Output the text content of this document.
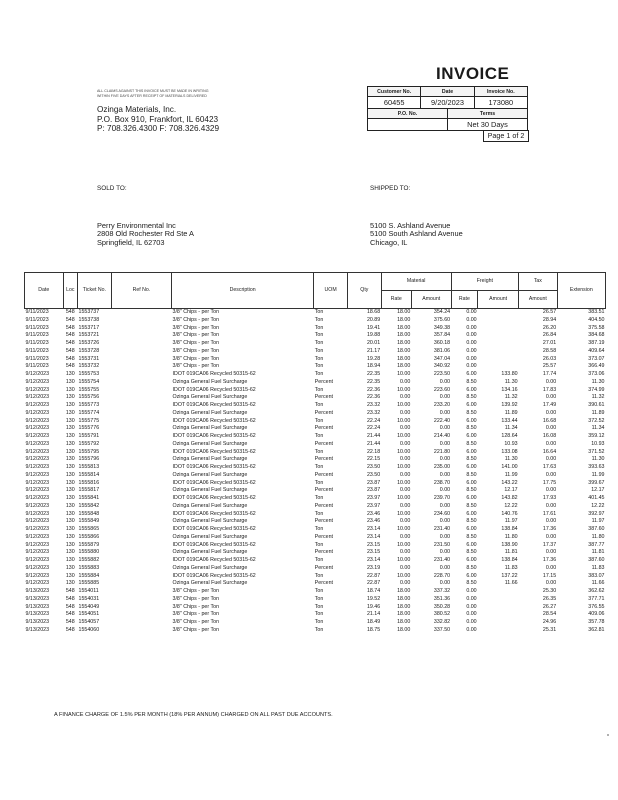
INVOICE
ALL CLAIMS AGAINST THIS INVOICE MUST BE MADE IN WRITING
WITHIN FIVE DAYS AFTER RECEIPT OF MATERIALS DELIVERED
Ozinga Materials, Inc.
P.O. Box 910, Frankfort, IL 60423
P: 708.326.4300 F: 708.326.4329
Customer No.	Date	Invoice No.
60455	9/20/2023	173080
P.O. No.	Terms
Net 30 Days
Page 1 of 2
SOLD TO:	SHIPPED TO:
Perry Environmental Inc
2808 Old Rochester Rd Ste A
Springfield, IL 62703
5100 S. Ashland Avenue
5100 South Ashland Avenue
Chicago, IL
Date	Loc	Ticket No.	Ref No.	Description	UOM	Qty	Material		Freight		Tax	Extension
							Rate	Amount	Rate	Amount	Amount	
9/11/2023	548	1553737		3/8" Chips - per Ton	Ton	18.68	18.00	354.24	0.00		26.57	383.51
9/11/2023	548	1553738		3/8" Chips - per Ton	Ton	20.89	18.00	375.60	0.00		28.94	404.50
9/11/2023	548	1553717		3/8" Chips - per Ton	Ton	19.41	18.00	349.38	0.00		26.20	375.58
9/11/2023	548	1553721		3/8" Chips - per Ton	Ton	19.88	18.00	357.84	0.00		26.84	384.68
9/11/2023	548	1553726		3/8" Chips - per Ton	Ton	20.01	18.00	360.18	0.00		27.01	387.19
9/11/2023	548	1553728		3/8" Chips - per Ton	Ton	21.17	18.00	381.06	0.00		28.58	409.64
9/11/2023	548	1553731		3/8" Chips - per Ton	Ton	19.28	18.00	347.04	0.00		26.03	373.07
9/11/2023	548	1553732		3/8" Chips - per Ton	Ton	18.94	18.00	340.92	0.00		25.57	366.49
9/12/2023	130	1555753		IDOT 019CA06 Recycled 50315-62	Ton	22.35	10.00	223.50	6.00	133.80	17.74	373.06
9/12/2023	130	1555754		Ozinga General Fuel Surcharge	Percent	22.35	0.00	0.00	8.50	11.30	0.00	11.30
9/12/2023	130	1555755		IDOT 019CA06 Recycled 50315-62	Ton	22.36	10.00	223.60	6.00	134.16	17.83	374.99
9/12/2023	130	1555756		Ozinga General Fuel Surcharge	Percent	22.36	0.00	0.00	8.50	11.32	0.00	11.32
9/12/2023	130	1555773		IDOT 019CA06 Recycled 50315-62	Ton	23.32	10.00	233.20	6.00	139.92	17.49	390.61
9/12/2023	130	1555774		Ozinga General Fuel Surcharge	Percent	23.32	0.00	0.00	8.50	11.89	0.00	11.89
9/12/2023	130	1555775		IDOT 019CA06 Recycled 50315-62	Ton	22.24	10.00	222.40	6.00	133.44	16.68	372.52
9/12/2023	130	1555776		Ozinga General Fuel Surcharge	Percent	22.24	0.00	0.00	8.50	11.34	0.00	11.34
9/12/2023	130	1555791		IDOT 019CA06 Recycled 50315-62	Ton	21.44	10.00	214.40	6.00	128.64	16.08	359.12
9/12/2023	130	1555792		Ozinga General Fuel Surcharge	Percent	21.44	0.00	0.00	8.50	10.93	0.00	10.93
9/12/2023	130	1555795		IDOT 019CA06 Recycled 50315-62	Ton	22.18	10.00	221.80	6.00	133.08	16.64	371.52
9/12/2023	130	1555796		Ozinga General Fuel Surcharge	Percent	22.15	0.00	0.00	8.50	11.30	0.00	11.30
9/12/2023	130	1555813		IDOT 019CA06 Recycled 50315-62	Ton	23.50	10.00	235.00	6.00	141.00	17.63	393.63
9/12/2023	130	1555814		Ozinga General Fuel Surcharge	Percent	23.50	0.00	0.00	8.50	11.99	0.00	11.99
9/12/2023	130	1555816		IDOT 019CA06 Recycled 50315-62	Ton	23.87	10.00	238.70	6.00	143.22	17.75	399.67
9/12/2023	130	1555817		Ozinga General Fuel Surcharge	Percent	23.87	0.00	0.00	8.50	12.17	0.00	12.17
9/12/2023	130	1555841		IDOT 019CA06 Recycled 50315-62	Ton	23.97	10.00	239.70	6.00	143.82	17.93	401.45
9/12/2023	130	1555842		Ozinga General Fuel Surcharge	Percent	23.97	0.00	0.00	8.50	12.22	0.00	12.22
9/12/2023	130	1555848		IDOT 019CA06 Recycled 50315-62	Ton	23.46	10.00	234.60	6.00	140.76	17.61	392.97
9/12/2023	130	1555849		Ozinga General Fuel Surcharge	Percent	23.46	0.00	0.00	8.50	11.97	0.00	11.97
9/12/2023	130	1555865		IDOT 019CA06 Recycled 50315-62	Ton	23.14	10.00	231.40	6.00	138.84	17.36	387.60
9/12/2023	130	1555866		Ozinga General Fuel Surcharge	Percent	23.14	0.00	0.00	8.50	11.80	0.00	11.80
9/12/2023	130	1555879		IDOT 019CA06 Recycled 50315-62	Ton	23.15	10.00	231.50	6.00	138.90	17.37	387.77
9/12/2023	130	1555880		Ozinga General Fuel Surcharge	Percent	23.15	0.00	0.00	8.50	11.81	0.00	11.81
9/12/2023	130	1555882		IDOT 019CA06 Recycled 50315-62	Ton	23.14	10.00	231.40	6.00	138.84	17.36	387.60
9/12/2023	130	1555883		Ozinga General Fuel Surcharge	Percent	23.19	0.00	0.00	8.50	11.83	0.00	11.83
9/12/2023	130	1555884		IDOT 019CA06 Recycled 50315-62	Ton	22.87	10.00	228.70	6.00	137.22	17.15	383.07
9/12/2023	130	1555885		Ozinga General Fuel Surcharge	Percent	22.87	0.00	0.00	8.50	11.66	0.00	11.66
9/13/2023	548	1554011		3/8" Chips - per Ton	Ton	18.74	18.00	337.32	0.00		25.30	362.62
9/13/2023	548	1554031		3/8" Chips - per Ton	Ton	19.52	18.00	351.36	0.00		26.35	377.71
9/13/2023	548	1554049		3/8" Chips - per Ton	Ton	19.46	18.00	350.28	0.00		26.27	376.55
9/13/2023	548	1554051		3/8" Chips - per Ton	Ton	21.14	18.00	380.52	0.00		28.54	409.06
9/13/2023	548	1554057		3/8" Chips - per Ton	Ton	18.49	18.00	332.82	0.00		24.96	357.78
9/13/2023	548	1554060		3/8" Chips - per Ton	Ton	18.75	18.00	337.50	0.00		25.31	362.81
A FINANCE CHARGE OF 1.5% PER MONTH (18% PER ANNUM) CHARGED ON ALL PAST DUE ACCOUNTS.
